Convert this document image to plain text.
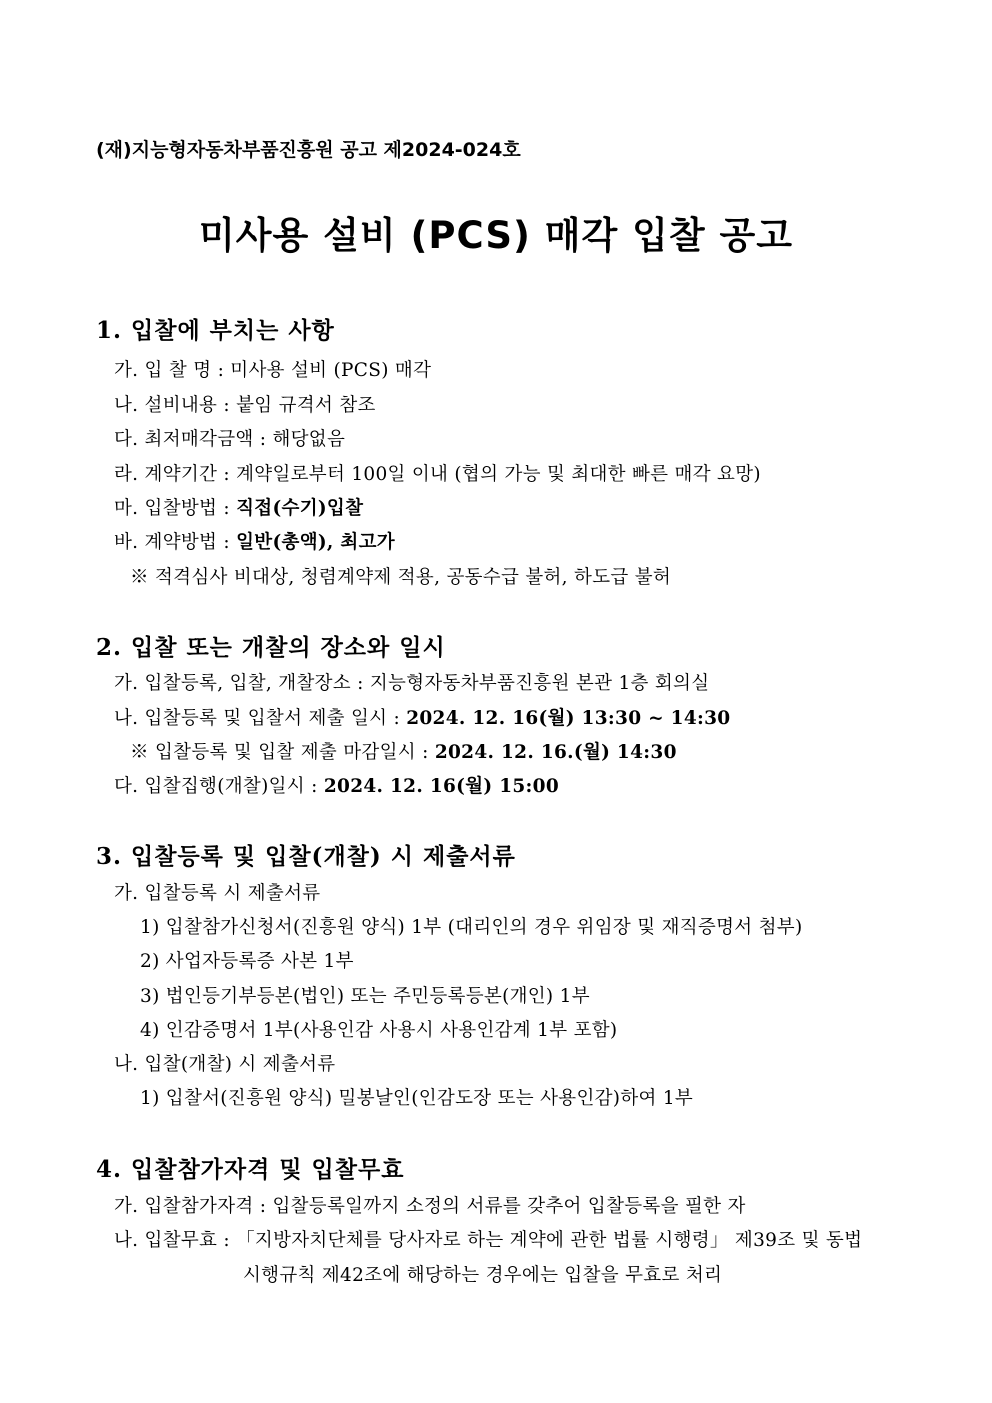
(재)지능형자동차부품진흥원 공고 제2024-024호
미사용 설비 (PCS) 매각 입찰 공고
1. 입찰에 부치는 사항
가. 입 찰 명 : 미사용 설비 (PCS) 매각
나. 설비내용 : 붙임 규격서 참조
다. 최저매각금액 : 해당없음
라. 계약기간 : 계약일로부터 100일 이내 (협의 가능 및 최대한 빠른 매각 요망)
마. 입찰방법 : 직접(수기)입찰
바. 계약방법 : 일반(총액), 최고가
※ 적격심사 비대상, 청렴계약제 적용, 공동수급 불허, 하도급 불허
2. 입찰 또는 개찰의 장소와 일시
가. 입찰등록, 입찰, 개찰장소 : 지능형자동차부품진흥원 본관 1층 회의실
나. 입찰등록 및 입찰서 제출 일시 : 2024. 12. 16(월) 13:30 ~ 14:30
※ 입찰등록 및 입찰 제출 마감일시 : 2024. 12. 16.(월) 14:30
다. 입찰집행(개찰)일시 : 2024. 12. 16(월) 15:00
3. 입찰등록 및 입찰(개찰) 시 제출서류
가. 입찰등록 시 제출서류
1) 입찰참가신청서(진흥원 양식) 1부 (대리인의 경우 위임장 및 재직증명서 첨부)
2) 사업자등록증 사본 1부
3) 법인등기부등본(법인) 또는 주민등록등본(개인) 1부
4) 인감증명서 1부(사용인감 사용시 사용인감계 1부 포함)
나. 입찰(개찰) 시 제출서류
1) 입찰서(진흥원 양식) 밀봉날인(인감도장 또는 사용인감)하여 1부
4. 입찰참가자격 및 입찰무효
가. 입찰참가자격 : 입찰등록일까지 소정의 서류를 갖추어 입찰등록을 필한 자
나. 입찰무효 : 「지방자치단체를 당사자로 하는 계약에 관한 법률 시행령」 제39조 및 동법
시행규칙 제42조에 해당하는 경우에는 입찰을 무효로 처리
